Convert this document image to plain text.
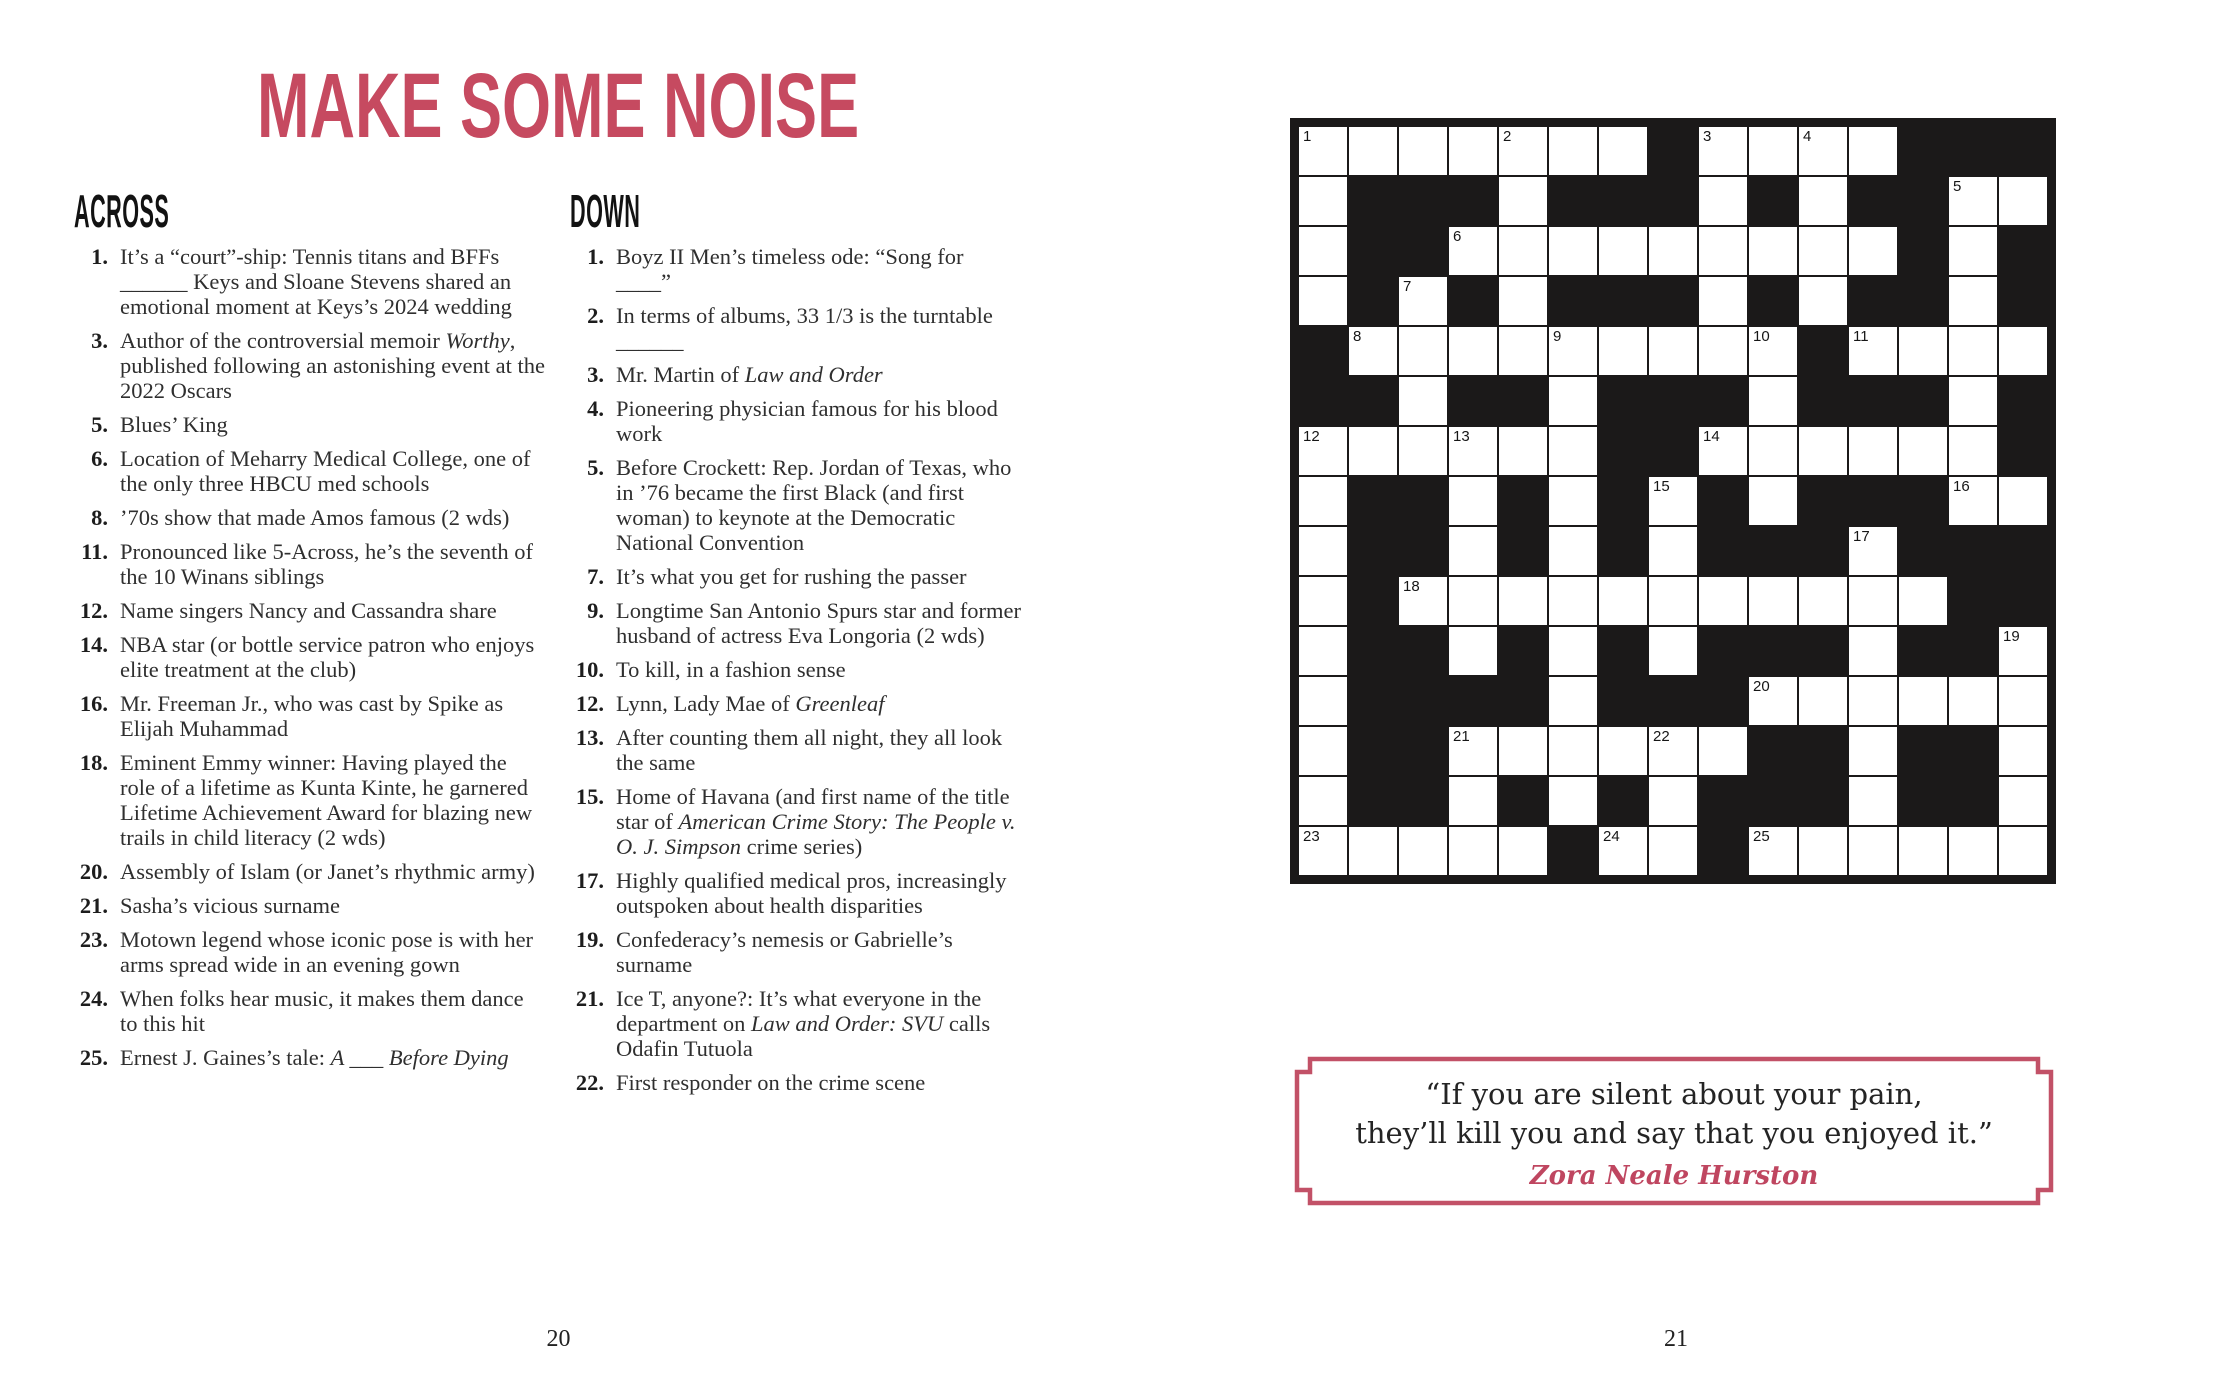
Make Some Noise
ACROSS
1. It’s a “court”-ship: Tennis titans and BFFs ______ Keys and Sloane Stevens shared an emotional moment at Keys’s 2024 wedding
3. Author of the controversial memoir Worthy, published following an astonishing event at the 2022 Oscars
5. Blues’ King
6. Location of Meharry Medical College, one of the only three HBCU med schools
8. ’70s show that made Amos famous (2 wds)
11. Pronounced like 5-Across, he’s the seventh of the 10 Winans siblings
12. Name singers Nancy and Cassandra share
14. NBA star (or bottle service patron who enjoys elite treatment at the club)
16. Mr. Freeman Jr., who was cast by Spike as Elijah Muhammad
18. Eminent Emmy winner: Having played the role of a lifetime as Kunta Kinte, he garnered Lifetime Achievement Award for blazing new trails in child literacy (2 wds)
20. Assembly of Islam (or Janet’s rhythmic army)
21. Sasha’s vicious surname
23. Motown legend whose iconic pose is with her arms spread wide in an evening gown
24. When folks hear music, it makes them dance to this hit
25. Ernest J. Gaines’s tale: A ___ Before Dying
DOWN
1. Boyz II Men’s timeless ode: “Song for ____”
2. In terms of albums, 33 1/3 is the turntable ______
3. Mr. Martin of Law and Order
4. Pioneering physician famous for his blood work
5. Before Crockett: Rep. Jordan of Texas, who in ’76 became the first Black (and first woman) to keynote at the Democratic National Convention
7. It’s what you get for rushing the passer
9. Longtime San Antonio Spurs star and former husband of actress Eva Longoria (2 wds)
10. To kill, in a fashion sense
12. Lynn, Lady Mae of Greenleaf
13. After counting them all night, they all look the same
15. Home of Havana (and first name of the title star of American Crime Story: The People v. O. J. Simpson crime series)
17. Highly qualified medical pros, increasingly outspoken about health disparities
19. Confederacy’s nemesis or Gabrielle’s surname
21. Ice T, anyone?: It’s what everyone in the department on Law and Order: SVU calls Odafin Tutuola
22. First responder on the crime scene
20
1	2	3	4
5
6
7
8	9	10	11
12	13	14
15	16
17
18
19
20
21	22
23	24	25
“If you are silent about your pain,
they’ll kill you and say that you enjoyed it.”
Zora Neale Hurston
21
